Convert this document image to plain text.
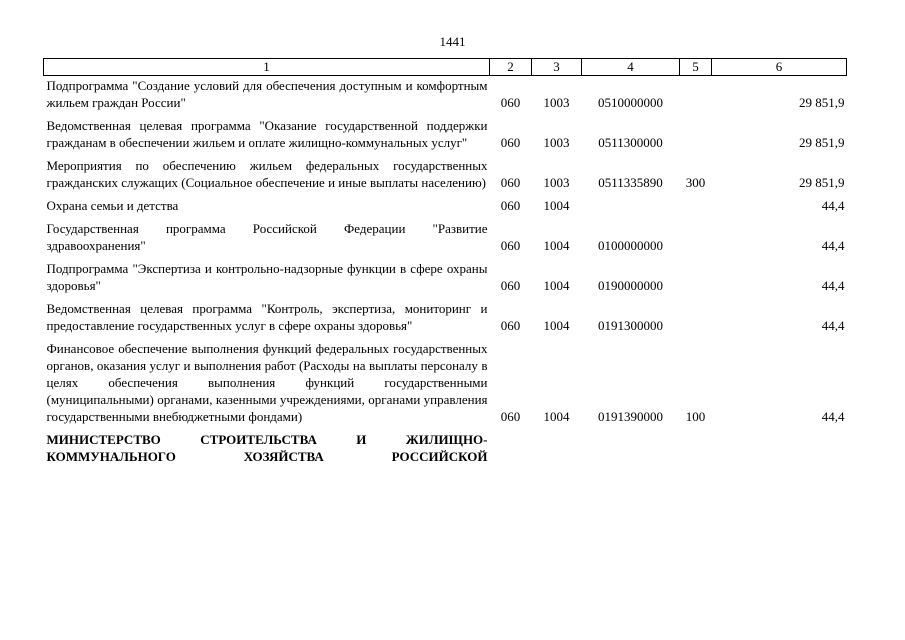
1441
1	2	3	4	5	6
Подпрограмма "Создание условий для обеспечения доступным и комфортным жильем граждан России"	060	1003	0510000000		29 851,9
Ведомственная целевая программа "Оказание государственной поддержки гражданам в обеспечении жильем и оплате жилищно-коммунальных услуг"	060	1003	0511300000		29 851,9
Мероприятия по обеспечению жильем федеральных государственных гражданских служащих (Социальное обеспечение и иные выплаты населению)	060	1003	0511335890	300	29 851,9
Охрана семьи и детства	060	1004			44,4
Государственная программа Российской Федерации "Развитие здравоохранения"	060	1004	0100000000		44,4
Подпрограмма "Экспертиза и контрольно-надзорные функции в сфере охраны здоровья"	060	1004	0190000000		44,4
Ведомственная целевая программа "Контроль, экспертиза, мониторинг и предоставление государственных услуг в сфере охраны здоровья"	060	1004	0191300000		44,4
Финансовое обеспечение выполнения функций федеральных государственных органов, оказания услуг и выполнения работ (Расходы на выплаты персоналу в целях обеспечения выполнения функций государственными (муниципальными) органами, казенными учреждениями, органами управления государственными внебюджетными фондами)	060	1004	0191390000	100	44,4
МИНИСТЕРСТВО СТРОИТЕЛЬСТВА И ЖИЛИЩНО-КОММУНАЛЬНОГО ХОЗЯЙСТВА РОССИЙСКОЙ					
